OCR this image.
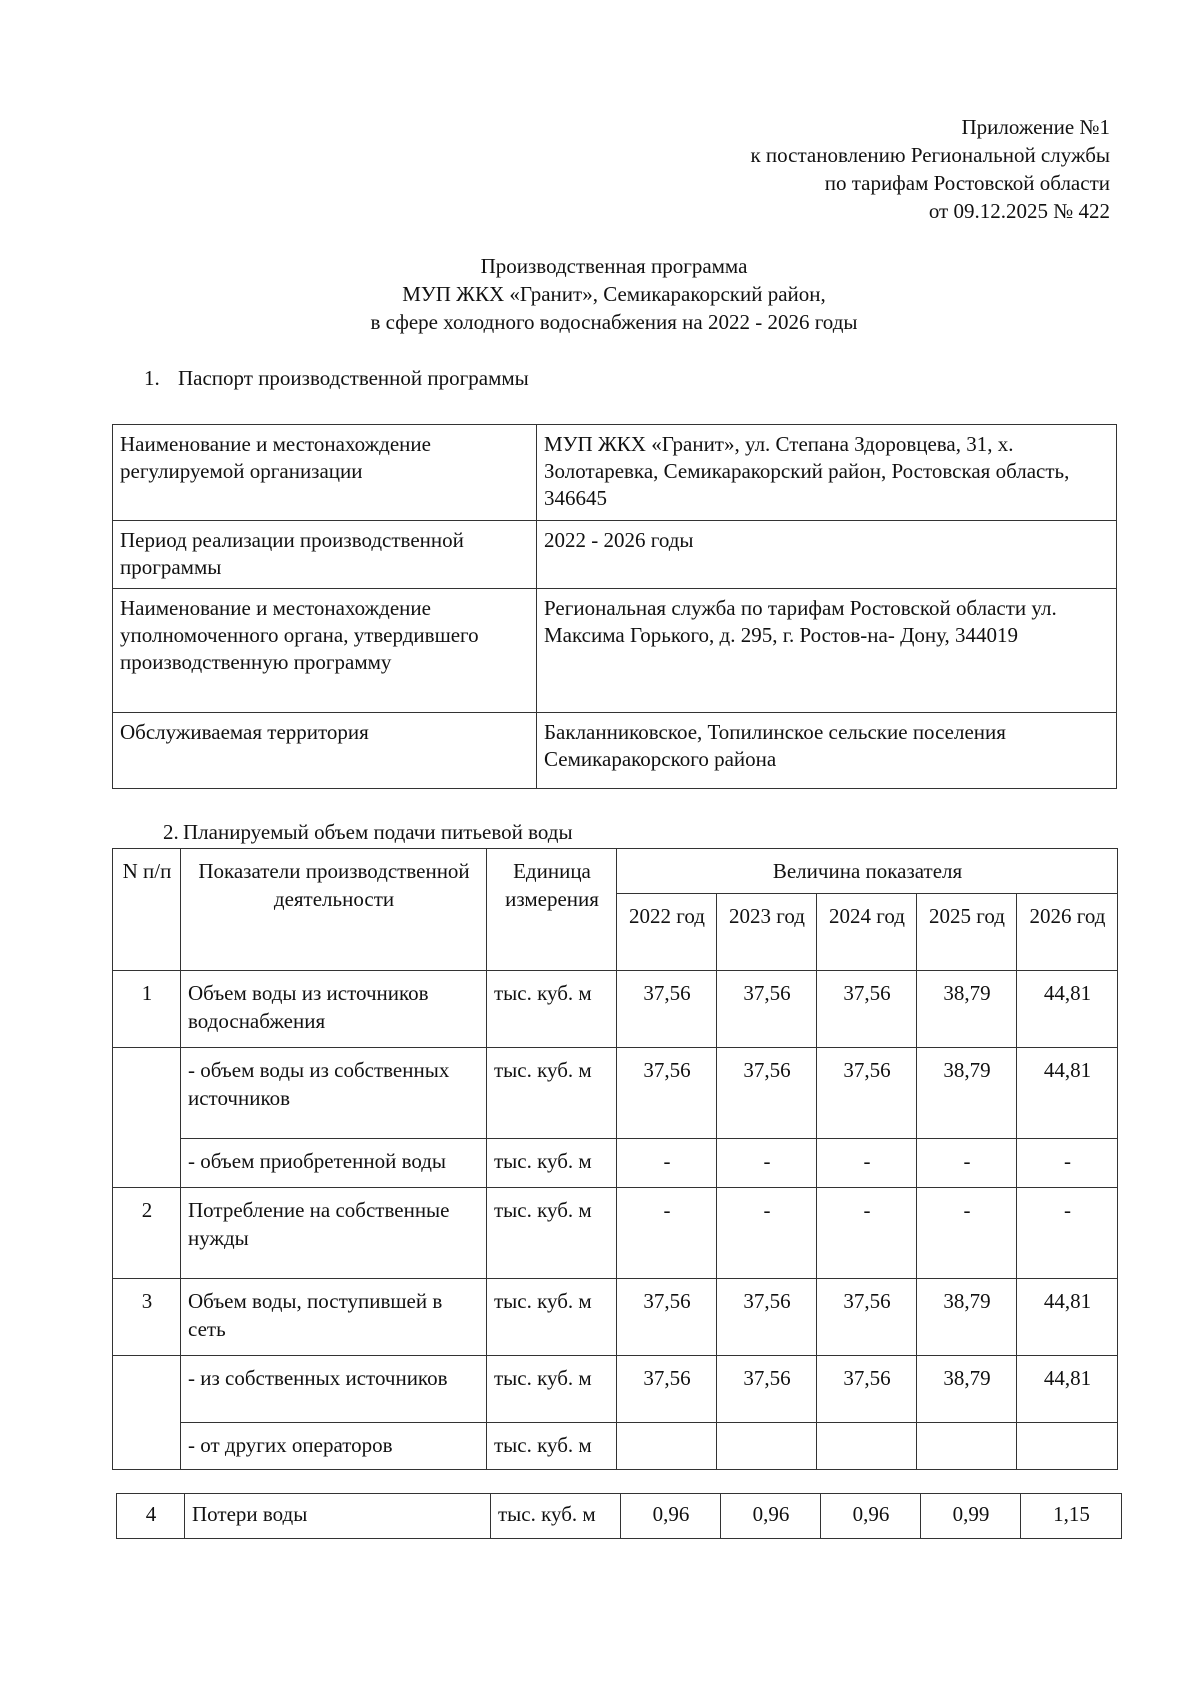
Приложение №1
к постановлению Региональной службы
по тарифам Ростовской области
от 09.12.2025 № 422
Производственная программа
МУП ЖКХ «Гранит», Семикаракорский район,
в сфере холодного водоснабжения на 2022 - 2026 годы
1. Паспорт производственной программы
Наименование и местонахождение регулируемой организации	МУП ЖКХ «Гранит», ул. Степана Здоровцева, 31, х. Золотаревка, Семикаракорский район, Ростовская область, 346645
Период реализации производственной программы	2022 - 2026 годы
Наименование и местонахождение уполномоченного органа, утвердившего производственную программу	Региональная служба по тарифам Ростовской области ул. Максима Горького, д. 295, г. Ростов-на- Дону, 344019
Обслуживаемая территория	Бакланниковское, Топилинское сельские поселения Семикаракорского района
2. Планируемый объем подачи питьевой воды
N п/п	Показатели производственной деятельности	Единица измерения	Величина показателя				
			2022 год	2023 год	2024 год	2025 год	2026 год
1	Объем воды из источников водоснабжения	тыс. куб. м	37,56	37,56	37,56	38,79	44,81
	- объем воды из собственных источников	тыс. куб. м	37,56	37,56	37,56	38,79	44,81
	- объем приобретенной воды	тыс. куб. м	-	-	-	-	-
2	Потребление на собственные нужды	тыс. куб. м	-	-	-	-	-
3	Объем воды, поступившей в сеть	тыс. куб. м	37,56	37,56	37,56	38,79	44,81
	- из собственных источников	тыс. куб. м	37,56	37,56	37,56	38,79	44,81
	- от других операторов	тыс. куб. м					
4	Потери воды	тыс. куб. м	0,96	0,96	0,96	0,99	1,15
